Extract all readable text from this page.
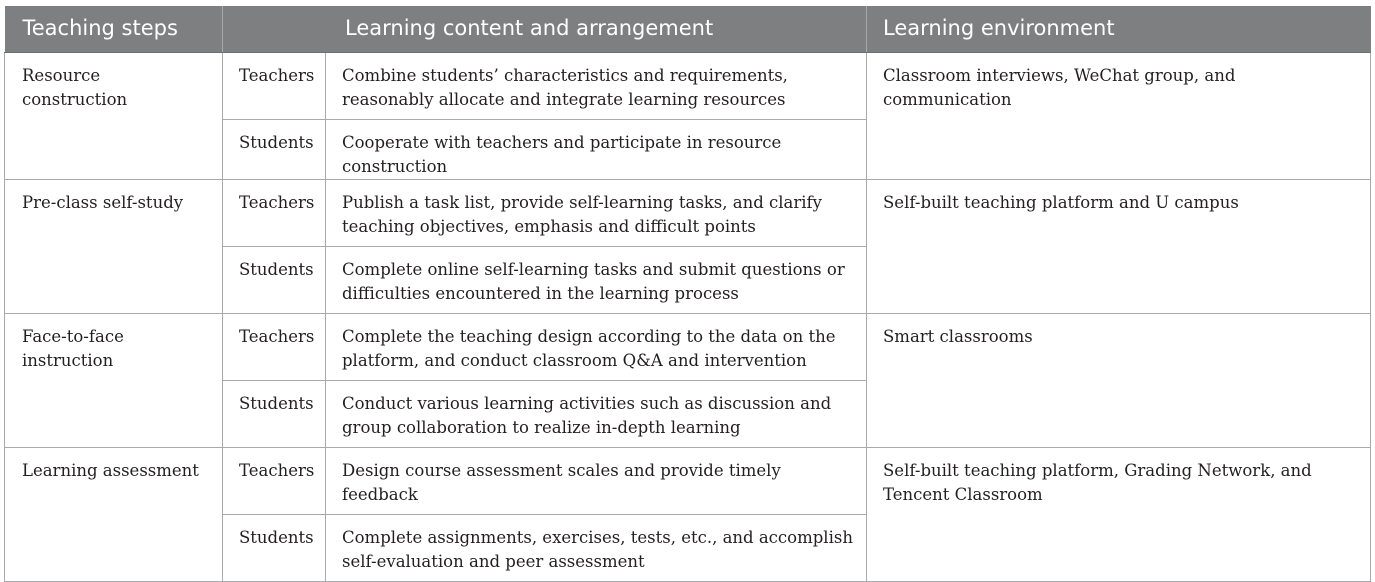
Teaching steps	Learning content and arrangement		Learning environment
Resource construction	Teachers	Combine students’ characteristics and requirements, reasonably allocate and integrate learning resources	Classroom interviews, WeChat group, and communication
	Students	Cooperate with teachers and participate in resource construction	
Pre-class self-study	Teachers	Publish a task list, provide self-learning tasks, and clarify teaching objectives, emphasis and difficult points	Self-built teaching platform and U campus
	Students	Complete online self-learning tasks and submit questions or difficulties encountered in the learning process	
Face-to-face instruction	Teachers	Complete the teaching design according to the data on the platform, and conduct classroom Q&A and intervention	Smart classrooms
	Students	Conduct various learning activities such as discussion and group collaboration to realize in-depth learning	
Learning assessment	Teachers	Design course assessment scales and provide timely feedback	Self-built teaching platform, Grading Network, and Tencent Classroom
	Students	Complete assignments, exercises, tests, etc., and accomplish self-evaluation and peer assessment	
